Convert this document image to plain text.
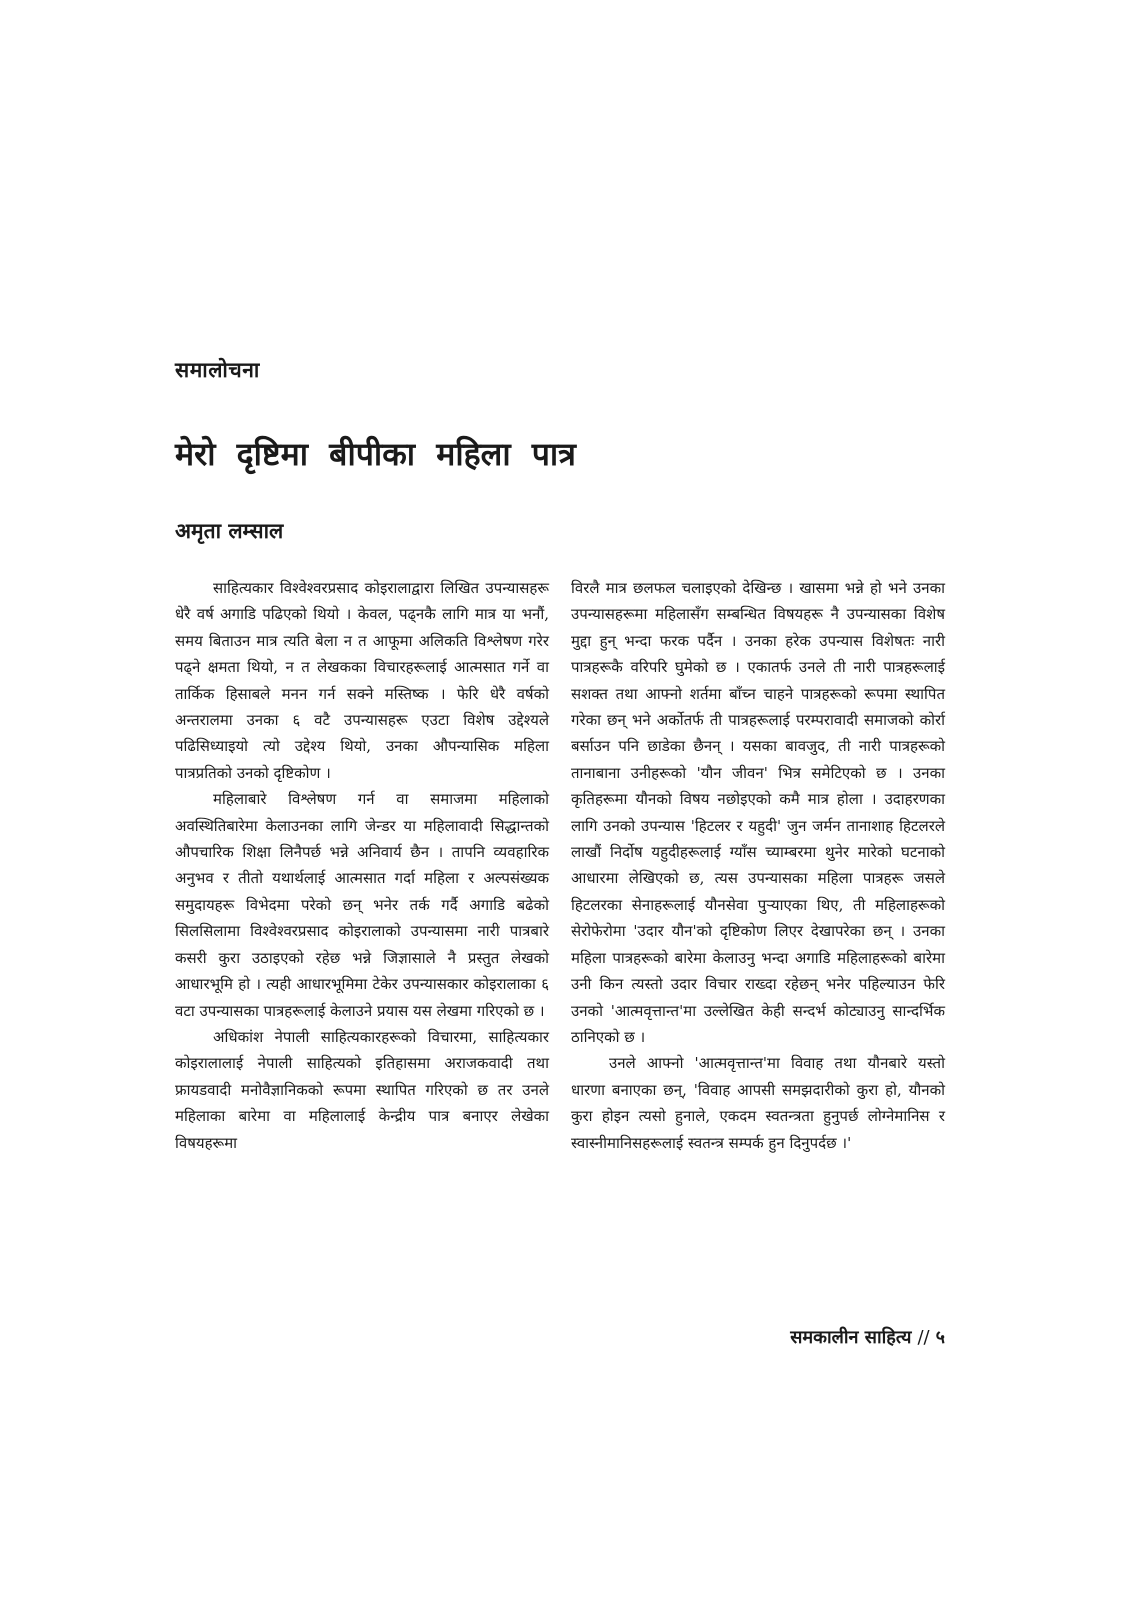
समालोचना
मेरो दृष्टिमा बीपीका महिला पात्र
अमृता लम्साल

साहित्यकार विश्वेश्वरप्रसाद कोइरालाद्वारा लिखित उपन्यासहरू धेरै वर्ष अगाडि पढिएको थियो । केवल, पढ्नकै लागि मात्र या भनौं, समय बिताउन मात्र त्यति बेला न त आफूमा अलिकति विश्लेषण गरेर पढ्ने क्षमता थियो, न त लेखकका विचारहरूलाई आत्मसात गर्ने वा तार्किक हिसाबले मनन गर्न सक्ने मस्तिष्क । फेरि धेरै वर्षको अन्तरालमा उनका ६ वटै उपन्यासहरू एउटा विशेष उद्देश्यले पढिसिध्याइयो त्यो उद्देश्य थियो, उनका औपन्यासिक महिला पात्रप्रतिको उनको दृष्टिकोण ।

महिलाबारे विश्लेषण गर्न वा समाजमा महिलाको अवस्थितिबारेमा केलाउनका लागि जेन्डर या महिलावादी सिद्धान्तको औपचारिक शिक्षा लिनैपर्छ भन्ने अनिवार्य छैन । तापनि व्यवहारिक अनुभव र तीतो यथार्थलाई आत्मसात गर्दा महिला र अल्पसंख्यक समुदायहरू विभेदमा परेको छन् भनेर तर्क गर्दै अगाडि बढेको सिलसिलामा विश्वेश्वरप्रसाद कोइरालाको उपन्यासमा नारी पात्रबारे कसरी कुरा उठाइएको रहेछ भन्ने जिज्ञासाले नै प्रस्तुत लेखको आधारभूमि हो । त्यही आधारभूमिमा टेकेर उपन्यासकार कोइरालाका ६ वटा उपन्यासका पात्रहरूलाई केलाउने प्रयास यस लेखमा गरिएको छ ।

अधिकांश नेपाली साहित्यकारहरूको विचारमा, साहित्यकार कोइरालालाई नेपाली साहित्यको इतिहासमा अराजकवादी तथा फ्रायडवादी मनोवैज्ञानिकको रूपमा स्थापित गरिएको छ तर उनले महिलाका बारेमा वा महिलालाई केन्द्रीय पात्र बनाएर लेखेका विषयहरूमा

विरलै मात्र छलफल चलाइएको देखिन्छ । खासमा भन्ने हो भने उनका उपन्यासहरूमा महिलासँग सम्बन्धित विषयहरू नै उपन्यासका विशेष मुद्दा हुन् भन्दा फरक पर्दैन । उनका हरेक उपन्यास विशेषतः नारी पात्रहरूकै वरिपरि घुमेको छ । एकातर्फ उनले ती नारी पात्रहरूलाई सशक्त तथा आफ्नो शर्तमा बाँच्न चाहने पात्रहरूको रूपमा स्थापित गरेका छन् भने अर्कोतर्फ ती पात्रहरूलाई परम्परावादी समाजको कोर्रा बर्साउन पनि छाडेका छैनन् । यसका बावजुद, ती नारी पात्रहरूको तानाबाना उनीहरूको 'यौन जीवन' भित्र समेटिएको छ । उनका कृतिहरूमा यौनको विषय नछोइएको कमै मात्र होला । उदाहरणका लागि उनको उपन्यास 'हिटलर र यहुदी' जुन जर्मन तानाशाह हिटलरले लाखौं निर्दोष यहुदीहरूलाई ग्याँस च्याम्बरमा थुनेर मारेको घटनाको आधारमा लेखिएको छ, त्यस उपन्यासका महिला पात्रहरू जसले हिटलरका सेनाहरूलाई यौनसेवा पुऱ्याएका थिए, ती महिलाहरूको सेरोफेरोमा 'उदार यौन'को दृष्टिकोण लिएर देखापरेका छन् । उनका महिला पात्रहरूको बारेमा केलाउनु भन्दा अगाडि महिलाहरूको बारेमा उनी किन त्यस्तो उदार विचार राख्दा रहेछन् भनेर पहिल्याउन फेरि उनको 'आत्मवृत्तान्त'मा उल्लेखित केही सन्दर्भ कोट्याउनु सान्दर्भिक ठानिएको छ ।

उनले आफ्नो 'आत्मवृत्तान्त'मा विवाह तथा यौनबारे यस्तो धारणा बनाएका छन्, 'विवाह आपसी समझदारीको कुरा हो, यौनको कुरा होइन त्यसो हुनाले, एकदम स्वतन्त्रता हुनुपर्छ लोग्नेमानिस र स्वास्नीमानिसहरूलाई स्वतन्त्र सम्पर्क हुन दिनुपर्दछ ।'

समकालीन साहित्य // ५
